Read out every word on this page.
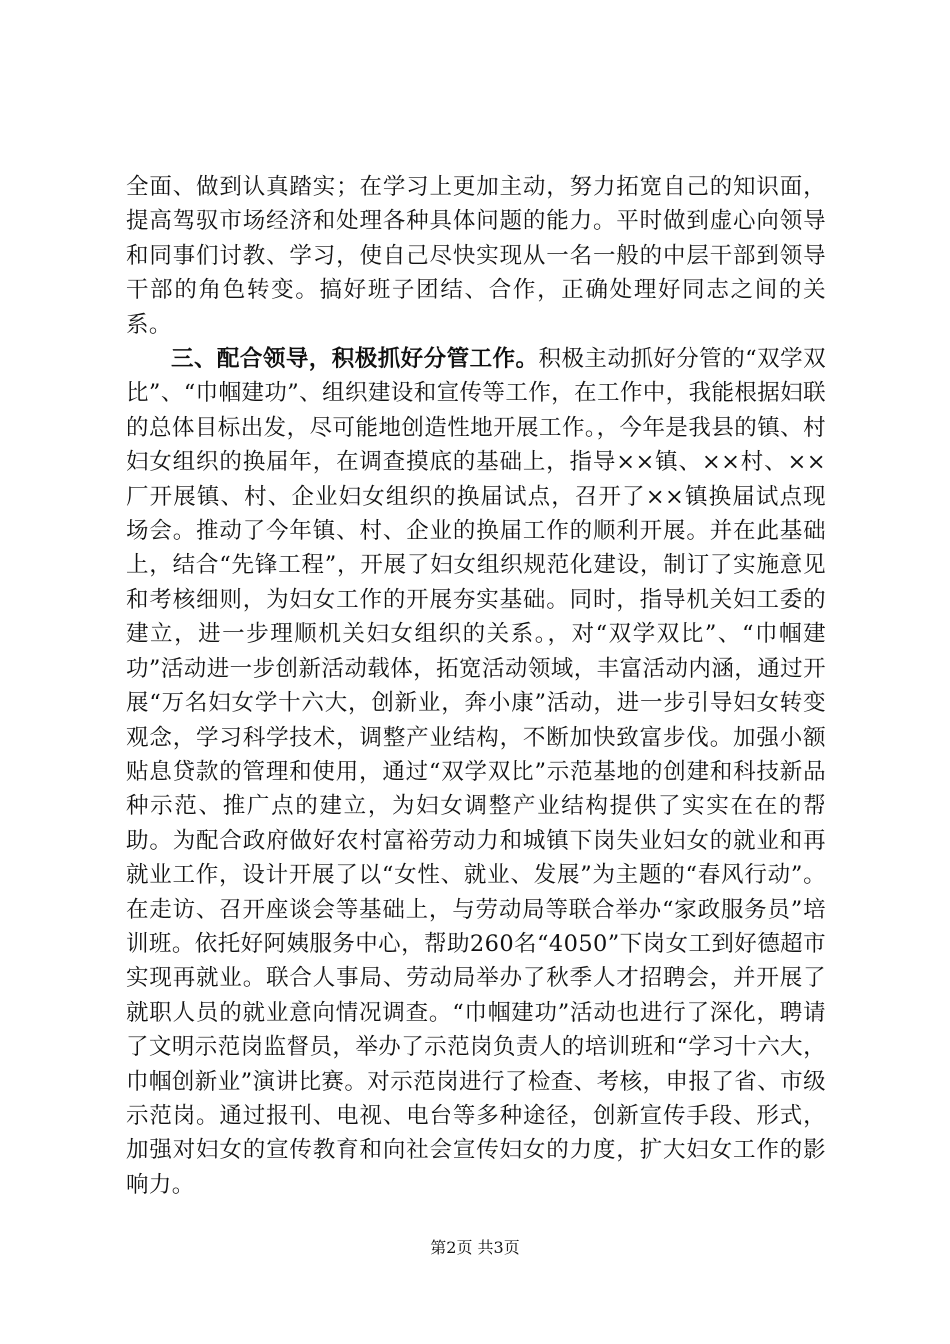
全面、做到认真踏实；在学习上更加主动，努力拓宽自己的知识面，提高驾驭市场经济和处理各种具体问题的能力。平时做到虚心向领导和同事们讨教、学习，使自己尽快实现从一名一般的中层干部到领导干部的角色转变。搞好班子团结、合作，正确处理好同志之间的关系。

三、配合领导，积极抓好分管工作。积极主动抓好分管的“双学双比”、“巾帼建功”、组织建设和宣传等工作，在工作中，我能根据妇联的总体目标出发，尽可能地创造性地开展工作。，今年是我县的镇、村妇女组织的换届年，在调查摸底的基础上，指导××镇、××村、××厂开展镇、村、企业妇女组织的换届试点，召开了××镇换届试点现场会。推动了今年镇、村、企业的换届工作的顺利开展。并在此基础上，结合“先锋工程”，开展了妇女组织规范化建设，制订了实施意见和考核细则，为妇女工作的开展夯实基础。同时，指导机关妇工委的建立，进一步理顺机关妇女组织的关系。，对“双学双比”、“巾帼建功”活动进一步创新活动载体，拓宽活动领域，丰富活动内涵，通过开展“万名妇女学十六大，创新业，奔小康”活动，进一步引导妇女转变观念，学习科学技术，调整产业结构，不断加快致富步伐。加强小额贴息贷款的管理和使用，通过“双学双比”示范基地的创建和科技新品种示范、推广点的建立，为妇女调整产业结构提供了实实在在的帮助。为配合政府做好农村富裕劳动力和城镇下岗失业妇女的就业和再就业工作，设计开展了以“女性、就业、发展”为主题的“春风行动”。在走访、召开座谈会等基础上，与劳动局等联合举办“家政服务员”培训班。依托好阿姨服务中心，帮助260名“4050”下岗女工到好德超市实现再就业。联合人事局、劳动局举办了秋季人才招聘会，并开展了就职人员的就业意向情况调查。“巾帼建功”活动也进行了深化，聘请了文明示范岗监督员，举办了示范岗负责人的培训班和“学习十六大，巾帼创新业”演讲比赛。对示范岗进行了检查、考核，申报了省、市级示范岗。通过报刊、电视、电台等多种途径，创新宣传手段、形式，加强对妇女的宣传教育和向社会宣传妇女的力度，扩大妇女工作的影响力。

第2页 共3页
